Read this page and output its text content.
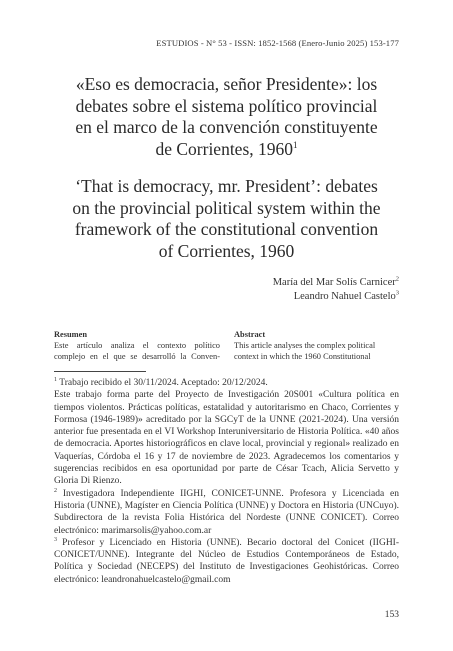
ESTUDIOS - N° 53 - ISSN: 1852-1568 (Enero-Junio 2025) 153-177
«Eso es democracia, señor Presidente»: los
debates sobre el sistema político provincial
en el marco de la convención constituyente
de Corrientes, 1960$^1$
‘That is democracy, mr. President’: debates
on the provincial political system within the
framework of the constitutional convention
of Corrientes, 1960
María del Mar Solís Carnicer$^2$
Leandro Nahuel Castelo$^3$
Resumen
Este artículo analiza el contexto político
complejo en el que se desarrolló la Conven-
Abstract
This article analyses the complex political
context in which the 1960 Constitutional

$^1$ Trabajo recibido el 30/11/2024. Aceptado: 20/12/2024.

Este trabajo forma parte del Proyecto de Investigación 20S001 «Cultura política en tiempos violentos. Prácticas políticas, estatalidad y autoritarismo en Chaco, Corrientes y Formosa (1946-1989)» acreditado por la SGCyT de la UNNE (2021-2024). Una versión anterior fue presentada en el VI Workshop Interuniversitario de Historia Política. «40 años de democracia. Aportes historiográficos en clave local, provincial y regional» realizado en Vaquerías, Córdoba el 16 y 17 de noviembre de 2023. Agradecemos los comentarios y sugerencias recibidos en esa oportunidad por parte de César Tcach, Alicia Servetto y Gloria Di Rienzo.

$^2$ Investigadora Independiente IIGHI, CONICET-UNNE. Profesora y Licenciada en Historia (UNNE), Magíster en Ciencia Política (UNNE) y Doctora en Historia (UNCuyo). Subdirectora de la revista Folia Histórica del Nordeste (UNNE CONICET). Correo electrónico: marimarsolis@yahoo.com.ar

$^3$ Profesor y Licenciado en Historia (UNNE). Becario doctoral del Conicet (IIGHI-CONICET/UNNE). Integrante del Núcleo de Estudios Contemporáneos de Estado, Política y Sociedad (NECEPS) del Instituto de Investigaciones Geohistóricas. Correo electrónico: leandronahuelcastelo@gmail.com

153
